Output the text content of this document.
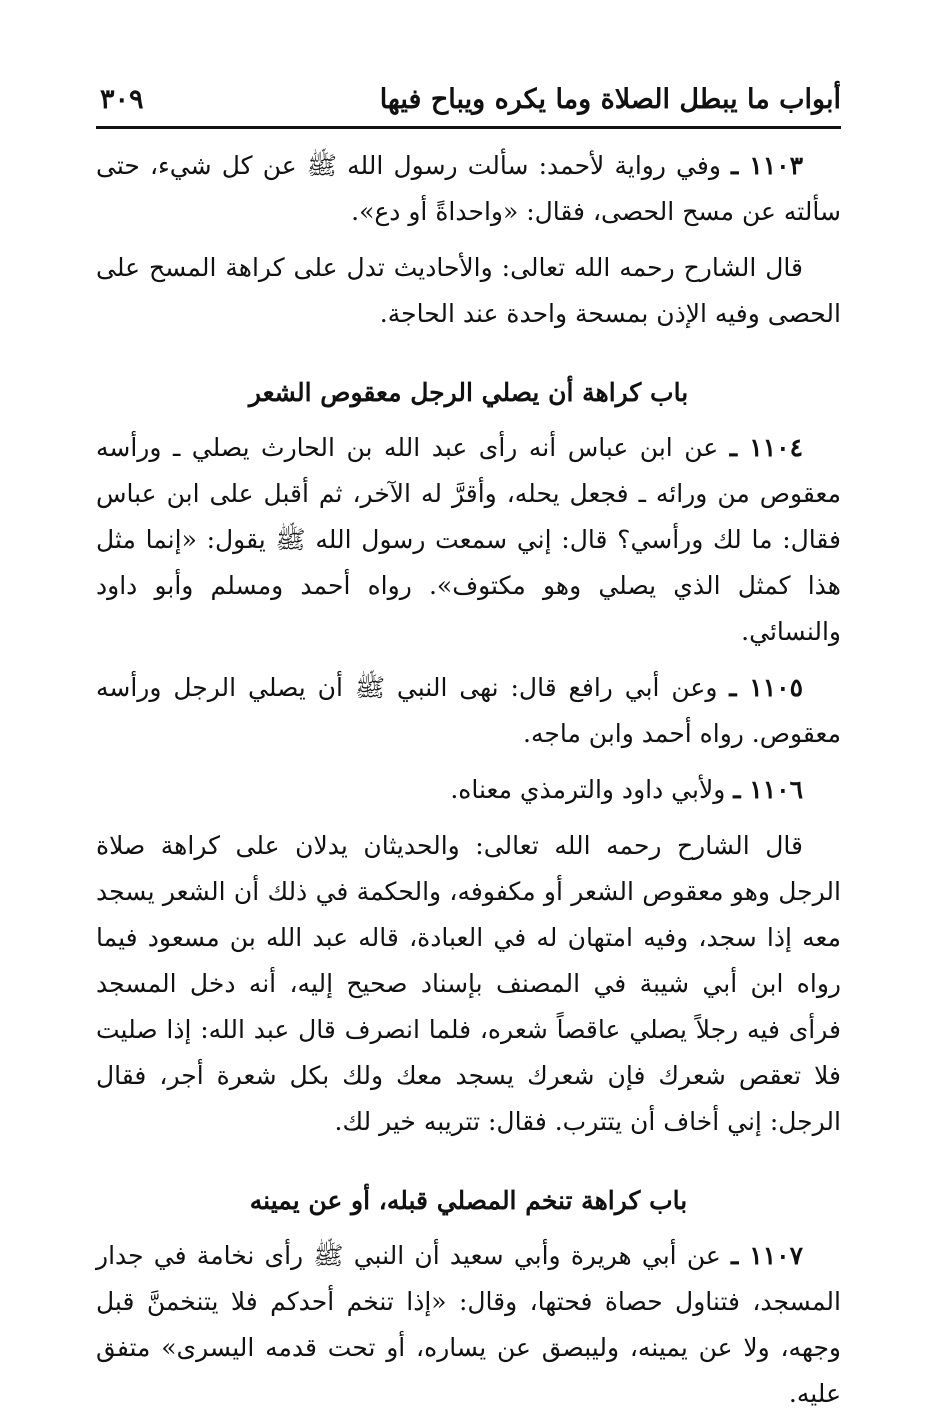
أبواب ما يبطل الصلاة وما يكره ويباح فيها
٣٠٩

١١٠٣ ـ وفي رواية لأحمد: سألت رسول الله ﷺ عن كل شيء، حتى سألته عن مسح الحصى، فقال: «واحداةً أو دع».

قال الشارح رحمه الله تعالى: والأحاديث تدل على كراهة المسح على الحصى وفيه الإذن بمسحة واحدة عند الحاجة.

باب كراهة أن يصلي الرجل معقوص الشعر

١١٠٤ ـ عن ابن عباس أنه رأى عبد الله بن الحارث يصلي ـ ورأسه معقوص من ورائه ـ فجعل يحله، وأقرَّ له الآخر، ثم أقبل على ابن عباس فقال: ما لك ورأسي؟ قال: إني سمعت رسول الله ﷺ يقول: «إنما مثل هذا كمثل الذي يصلي وهو مكتوف». رواه أحمد ومسلم وأبو داود والنسائي.

١١٠٥ ـ وعن أبي رافع قال: نهى النبي ﷺ أن يصلي الرجل ورأسه معقوص. رواه أحمد وابن ماجه.

١١٠٦ ـ ولأبي داود والترمذي معناه.

قال الشارح رحمه الله تعالى: والحديثان يدلان على كراهة صلاة الرجل وهو معقوص الشعر أو مكفوفه، والحكمة في ذلك أن الشعر يسجد معه إذا سجد، وفيه امتهان له في العبادة، قاله عبد الله بن مسعود فيما رواه ابن أبي شيبة في المصنف بإسناد صحيح إليه، أنه دخل المسجد فرأى فيه رجلاً يصلي عاقصاً شعره، فلما انصرف قال عبد الله: إذا صليت فلا تعقص شعرك فإن شعرك يسجد معك ولك بكل شعرة أجر، فقال الرجل: إني أخاف أن يتترب. فقال: تتريبه خير لك.

باب كراهة تنخم المصلي قبله، أو عن يمينه

١١٠٧ ـ عن أبي هريرة وأبي سعيد أن النبي ﷺ رأى نخامة في جدار المسجد، فتناول حصاة فحتها، وقال: «إذا تنخم أحدكم فلا يتنخمنَّ قبل وجهه، ولا عن يمينه، وليبصق عن يساره، أو تحت قدمه اليسرى» متفق عليه.
